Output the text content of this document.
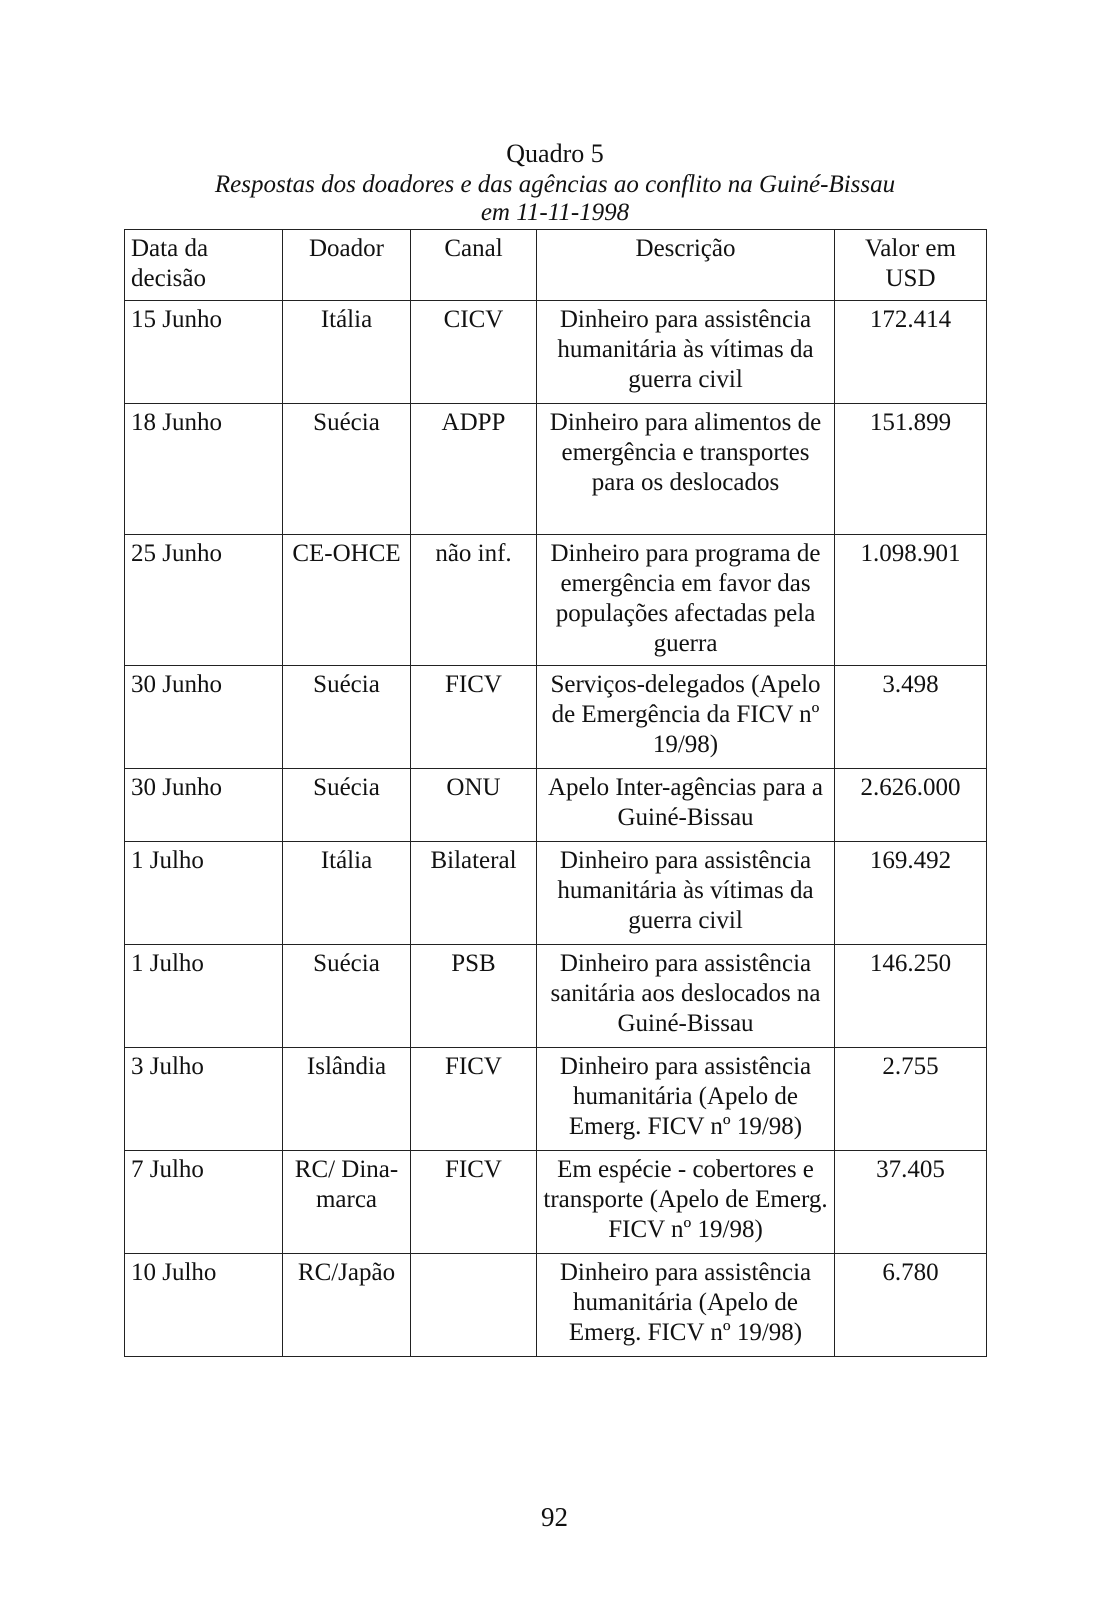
Quadro 5

Respostas dos doadores e das agências ao conflito na Guiné-Bissau

em 11-11-1998

Data da decisão	Doador	Canal	Descrição	Valor em USD
15 Junho	Itália	CICV	Dinheiro para assistência humanitária às vítimas da guerra civil	172.414
18 Junho	Suécia	ADPP	Dinheiro para alimentos de emergência e transportes para os deslocados	151.899
25 Junho	CE-OHCE	não inf.	Dinheiro para programa de emergência em favor das populações afectadas pela guerra	1.098.901
30 Junho	Suécia	FICV	Serviços-delegados (Apelo de Emergência da FICV nº 19/98)	3.498
30 Junho	Suécia	ONU	Apelo Inter-agências para a Guiné-Bissau	2.626.000
1 Julho	Itália	Bilateral	Dinheiro para assistência humanitária às vítimas da guerra civil	169.492
1 Julho	Suécia	PSB	Dinheiro para assistência sanitária aos deslocados na Guiné-Bissau	146.250
3 Julho	Islândia	FICV	Dinheiro para assistência humanitária (Apelo de Emerg. FICV nº 19/98)	2.755
7 Julho	RC/ Dina-marca	FICV	Em espécie - cobertores e transporte (Apelo de Emerg. FICV nº 19/98)	37.405
10 Julho	RC/Japão		Dinheiro para assistência humanitária (Apelo de Emerg. FICV nº 19/98)	6.780
92
